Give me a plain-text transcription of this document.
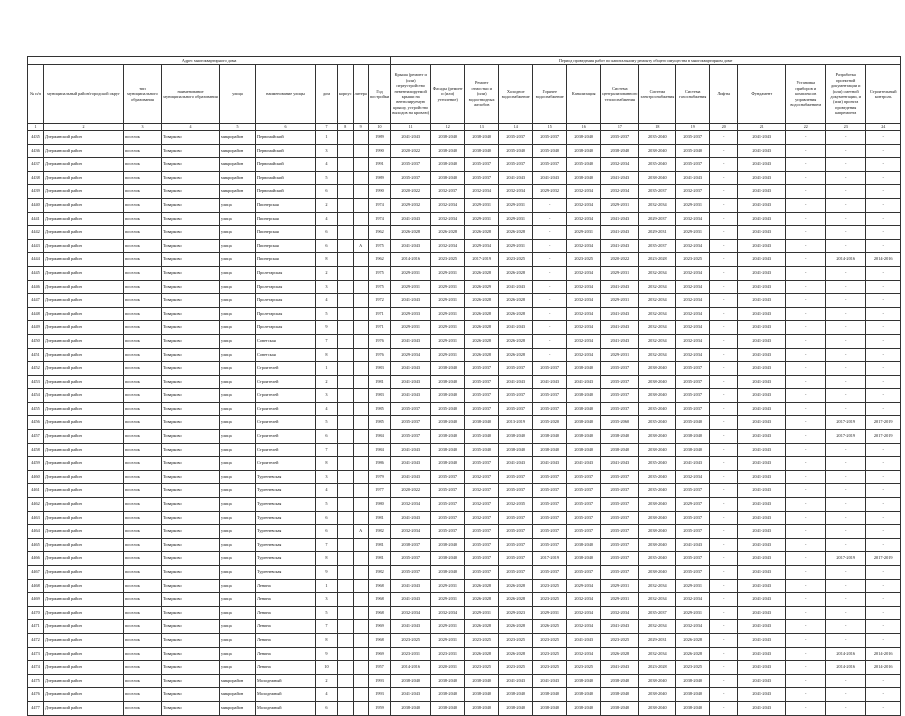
Адрес многоквартирного дома										Период проведения работ по капитальному ремонту общего имущества в многоквартирном доме													
№ п/п	муниципальный район/городской округ	тип муниципального образования	наименование муниципального образования	улица	наименование улицы	дом	корпус	литера	Год постройки	Крыша (ремонт и (или) переустройство невентилируемой крыши на вентилируемую крышу, устройство выходов на кровлю)	Фасады (ремонт и (или) утепление)	Ремонт отмостки и (или) водоотводных желобов	Холодное водоснабжение	Горячее водоснабжение	Канализация	Система централизованного теплоснабжения	Система электроснабжения	Система газоснабжения	Лифты	Фундамент	Установка приборов и комплексов управления водоснабжением	Разработка проектной документации и (или) сметной документации, и (или) проекта проведения капремонта	Строительный контроль
1	2	3	4	5	6	7	8	9	10	11	12	13	14	15	16	17	18	19	20	21	22	23	24
4435	Дзержинский район	поселок	Товарково	микрорайон	Первомайский	1			1989	2041-2043	2038-2040	2038-2040	2035-2037	2035-2037	2038-2040	2035-2037	2035-2040	2035-2037	-	2041-2043	-	-	-
4436	Дзержинский район	поселок	Товарково	микрорайон	Первомайский	3			1990	2020-2022	2038-2040	2038-2040	2035-2040	2035-2040	2038-2040	2038-2040	2038-2040	2035-2040	-	2041-2043	-	-	-
4437	Дзержинский район	поселок	Товарково	микрорайон	Первомайский	4			1991	2035-2037	2038-2040	2035-2037	2035-2037	2035-2037	2035-2040	2032-2034	2035-2040	2035-2037	-	2041-2043	-	-	-
4438	Дзержинский район	поселок	Товарково	микрорайон	Первомайский	5			1989	2035-2037	2038-2040	2035-2037	2041-2043	2041-2043	2038-2040	2041-2043	2038-2040	2041-2043	-	2041-2043	-	-	-
4439	Дзержинский район	поселок	Товарково	микрорайон	Первомайский	6			1990	2020-2022	2032-2037	2032-2034	2032-2034	2029-2032	2032-2034	2032-2034	2035-2037	2032-2037	-	2041-2043	-	-	-
4440	Дзержинский район	поселок	Товарково	улица	Пионерская	2			1974	2029-2032	2032-2034	2029-2031	2029-2031	-	2032-2034	2029-2031	2032-2034	2029-2031	-	2041-2043	-	-	-
4441	Дзержинский район	поселок	Товарково	улица	Пионерская	4			1974	2041-2043	2032-2034	2029-2031	2029-2031	-	2032-2034	2041-2043	2029-2037	2032-2034	-	2041-2043	-	-	-
4442	Дзержинский район	поселок	Товарково	улица	Пионерская	6			1962	2026-2028	2026-2028	2026-2028	2026-2028	-	2029-2031	2041-2043	2029-2031	2029-2031	-	2041-2043	-	-	-
4443	Дзержинский район	поселок	Товарково	улица	Пионерская	6		А	1975	2041-2043	2032-2034	2029-2034	2029-2031	-	2032-2034	2041-2043	2035-2037	2032-2034	-	2041-2043	-	-	-
4444	Дзержинский район	поселок	Товарково	улица	Пионерская	8			1962	2014-2016	2023-2025	2017-2019	2023-2025	-	2023-2025	2020-2022	2023-2028	2023-2025	-	2041-2043	-	2014-2016	2014-2016
4445	Дзержинский район	поселок	Товарково	улица	Пролетарская	2			1975	2029-2031	2029-2031	2026-2028	2026-2028	-	2032-2034	2029-2031	2032-2034	2032-2034	-	2041-2043	-	-	-
4446	Дзержинский район	поселок	Товарково	улица	Пролетарская	3			1975	2029-2031	2029-2031	2026-2029	2041-2043	-	2032-2034	2041-2043	2032-2034	2032-2034	-	2041-2043	-	-	-
4447	Дзержинский район	поселок	Товарково	улица	Пролетарская	4			1972	2041-2043	2029-2031	2026-2028	2026-2028	-	2032-2034	2029-2031	2032-2034	2032-2034	-	2041-2043	-	-	-
4448	Дзержинский район	поселок	Товарково	улица	Пролетарская	5			1971	2029-2033	2029-2031	2026-2028	2026-2028	-	2032-2034	2041-2043	2032-2034	2032-2034	-	2041-2043	-	-	-
4449	Дзержинский район	поселок	Товарково	улица	Пролетарская	9			1971	2029-2031	2029-2031	2026-2028	2041-2043	-	2032-2034	2041-2043	2032-2034	2032-2034	-	2041-2043	-	-	-
4450	Дзержинский район	поселок	Товарково	улица	Советская	7			1976	2041-2043	2029-2031	2026-2028	2026-2028	-	2032-2034	2041-2043	2032-2034	2032-2034	-	2041-2043	-	-	-
4451	Дзержинский район	поселок	Товарково	улица	Советская	8			1976	2029-2034	2029-2031	2026-2028	2026-2028	-	2032-2034	2029-2031	2032-2034	2032-2034	-	2041-2043	-	-	-
4452	Дзержинский район	поселок	Товарково	улица	Строителей	1			1983	2041-2043	2038-2040	2035-2037	2035-2037	2035-2037	2038-2040	2035-2037	2038-2040	2035-2037	-	2041-2043	-	-	-
4453	Дзержинский район	поселок	Товарково	улица	Строителей	2			1981	2041-2043	2038-2040	2035-2037	2041-2043	2041-2043	2041-2043	2035-2037	2038-2040	2035-2037	-	2041-2043	-	-	-
4454	Дзержинский район	поселок	Товарково	улица	Строителей	3			1983	2041-2043	2038-2040	2035-2037	2035-2037	2035-2037	2038-2040	2035-2037	2038-2040	2035-2037	-	2041-2043	-	-	-
4455	Дзержинский район	поселок	Товарково	улица	Строителей	4			1985	2035-2037	2035-2040	2035-2037	2035-2037	2035-2037	2038-2040	2035-2037	2035-2040	2035-2037	-	2041-2043	-	-	-
4456	Дзержинский район	поселок	Товарково	улица	Строителей	5			1985	2035-2037	2038-2040	2038-2040	2013-2019	2035-2020	2038-2040	2035-2060	2035-2040	2035-2040	-	2041-2043	-	2017-2019	2017-2019
4457	Дзержинский район	поселок	Товарково	улица	Строителей	6			1984	2035-2037	2038-2040	2035-2040	2038-2040	2038-2040	2038-2040	2038-2040	2038-2040	2038-2040	-	2041-2043	-	2017-2019	2017-2019
4458	Дзержинский район	поселок	Товарково	улица	Строителей	7			1984	2041-2043	2038-2040	2035-2040	2038-2040	2038-2040	2038-2040	2038-2040	2038-2040	2038-2040	-	2041-2043	-	-	-
4459	Дзержинский район	поселок	Товарково	улица	Строителей	8			1986	2041-2043	2038-2040	2035-2037	2041-2043	2041-2043	2041-2043	2041-2043	2035-2040	2041-2043	-	2041-2043	-	-	-
4460	Дзержинский район	поселок	Товарково	улица	Тургеневская	3			1979	2041-2043	2035-2037	2032-2037	2035-2037	2035-2037	2035-2037	2035-2037	2035-2040	2032-2034	-	2041-2043	-	-	-
4461	Дзержинский район	поселок	Товарково	улица	Тургеневская	4			1977	2020-2022	2035-2037	2032-2037	2035-2037	2035-2037	2035-2037	2035-2037	2035-2040	2035-2037	-	2041-2043	-	-	-
4462	Дзержинский район	поселок	Товарково	улица	Тургеневская	5			1980	2032-2034	2035-2037	2032-2037	2032-2035	2035-2037	2035-2037	2035-2037	2038-2040	2029-2037	-	2041-2043	-	-	-
4463	Дзержинский район	поселок	Товарково	улица	Тургеневская	6			1981	2041-2043	2035-2037	2032-2037	2035-2037	2035-2037	2035-2037	2035-2037	2038-2040	2035-2037	-	2041-2043	-	-	-
4464	Дзержинский район	поселок	Товарково	улица	Тургеневская	6		А	1982	2032-2034	2035-2037	2035-2037	2035-2037	2035-2037	2035-2037	2035-2037	2038-2040	2035-2037	-	2041-2043	-	-	-
4465	Дзержинский район	поселок	Товарково	улица	Тургеневская	7			1981	2038-2037	2038-2040	2035-2037	2035-2037	2035-2037	2038-2040	2035-2037	2038-2040	2041-2043	-	2041-2043	-	-	-
4466	Дзержинский район	поселок	Товарково	улица	Тургеневская	8			1981	2035-2037	2038-2040	2035-2037	2035-2037	2017-2019	2038-2040	2035-2037	2035-2040	2035-2037	-	2041-2043	-	2017-2019	2017-2019
4467	Дзержинский район	поселок	Товарково	улица	Тургеневская	9			1982	2035-2037	2038-2040	2035-2037	2035-2037	2035-2037	2035-2037	2035-2037	2038-2040	2035-2037	-	2041-2043	-	-	-
4468	Дзержинский район	поселок	Товарково	улица	Ленина	1			1968	2041-2043	2029-2031	2026-2028	2026-2028	2023-2025	2029-2034	2029-2031	2032-2034	2029-2031	-	2041-2043	-	-	-
4469	Дзержинский район	поселок	Товарково	улица	Ленина	3			1968	2041-2043	2029-2031	2026-2028	2026-2028	2023-2025	2032-2034	2029-2031	2032-2034	2032-2034	-	2041-2043	-	-	-
4470	Дзержинский район	поселок	Товарково	улица	Ленина	5			1968	2032-2034	2032-2034	2029-2031	2029-2023	2029-2031	2032-2034	2032-2034	2035-2037	2029-2031	-	2041-2043	-	-	-
4471	Дзержинский район	поселок	Товарково	улица	Ленина	7			1969	2041-2043	2029-2031	2026-2028	2026-2028	2026-2025	2032-2034	2041-2043	2032-2034	2032-2034	-	2041-2043	-	-	-
4472	Дзержинский район	поселок	Товарково	улица	Ленина	8			1968	2023-2025	2029-2031	2023-2025	2023-2025	2023-2025	2041-2043	2023-2025	2029-2031	2026-2028	-	2041-2043	-	-	-
4473	Дзержинский район	поселок	Товарково	улица	Ленина	9			1969	2023-2031	2023-2031	2026-2028	2026-2028	2023-2025	2032-2034	2026-2028	2032-2034	2026-2028	-	2041-2043	-	2014-2016	2014-2016
4474	Дзержинский район	поселок	Товарково	улица	Ленина	10			1957	2014-2016	2020-2031	2023-2025	2023-2025	2023-2025	2023-2025	2041-2043	2023-2028	2023-2025	-	2041-2043	-	2014-2016	2014-2016
4475	Дзержинский район	поселок	Товарково	микрорайон	Молодежный	2			1993	2038-2040	2038-2040	2038-2040	2041-2043	2041-2043	2038-2040	2038-2040	2038-2040	2038-2040	-	2041-2043	-	-	-
4476	Дзержинский район	поселок	Товарково	микрорайон	Молодежный	4			1993	2041-2043	2038-2040	2038-2040	2038-2040	2038-2040	2038-2040	2038-2040	2038-2040	2038-2040	-	2041-2043	-	-	-
4477	Дзержинский район	поселок	Товарково	микрорайон	Молодежный	6			1959	2038-2040	2038-2040	2038-2040	2038-2040	2038-2040	2038-2040	2038-2040	2038-2040	2038-2040	-	2041-2043	-	-	-
